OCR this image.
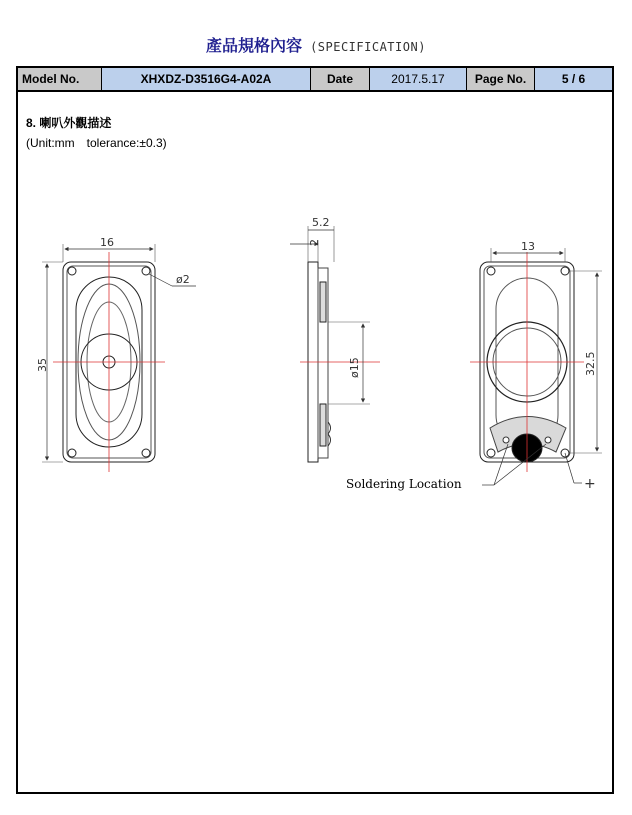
產品規格內容 (SPECIFICATION)
Model No.	XHXDZ-D3516G4-A02A	Date	2017.5.17	Page No.	5 / 6
8. 喇叭外觀描述
(Unit:mm tolerance:±0.3)
16
35
ø2
5.2
2
ø15
13
32.5
+
Soldering Location
